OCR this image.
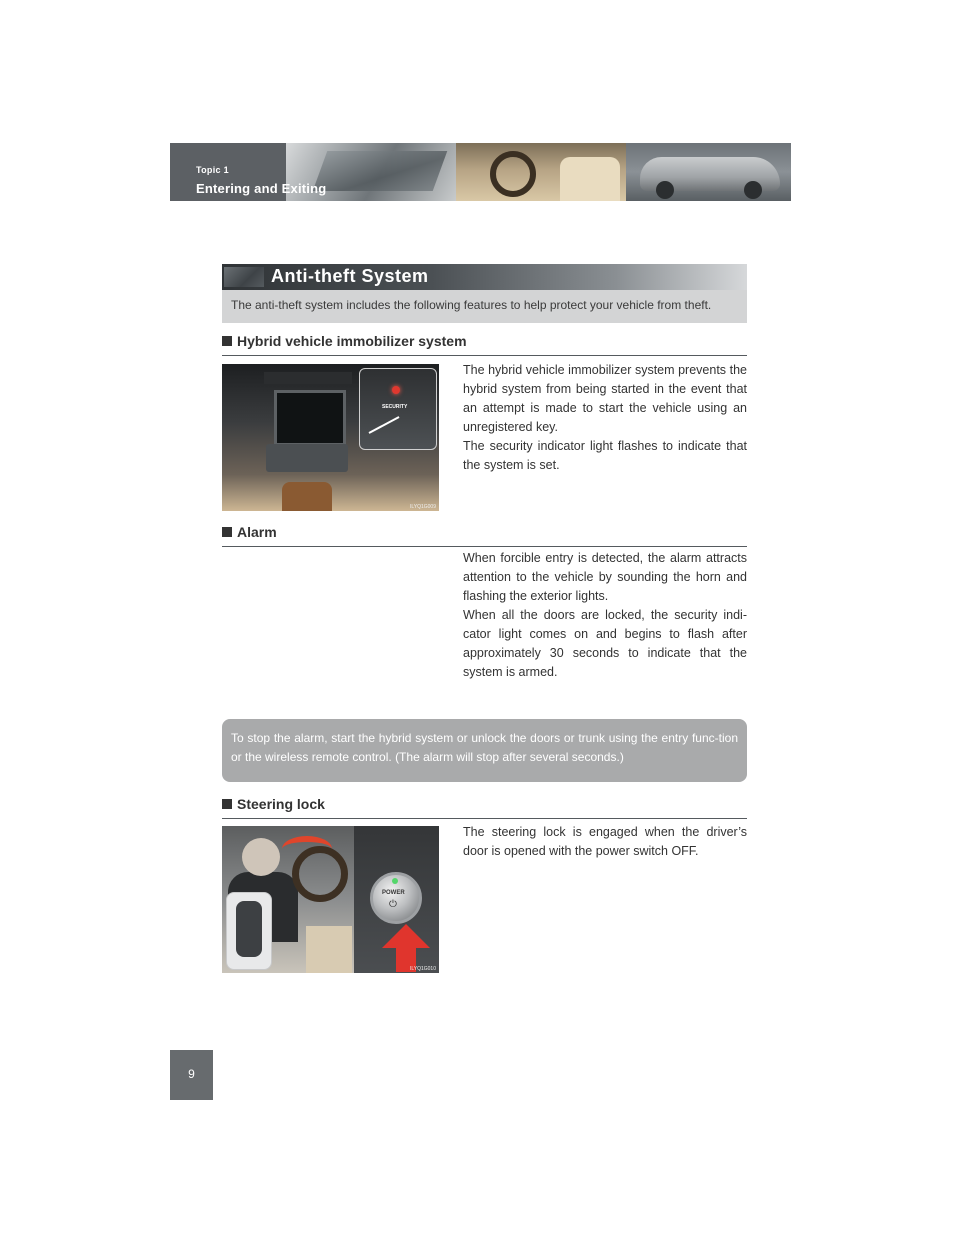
Topic 1
Entering and Exiting
Anti-theft System
The anti-theft system includes the following features to help protect your vehicle from theft.
Hybrid vehicle immobilizer system
SECURITY
ILYQ1G009

The hybrid vehicle immobilizer system prevents the hybrid system from being started in the event that an attempt is made to start the vehicle using an unregistered key.

The security indicator light flashes to indicate that the system is set.

Alarm

When forcible entry is detected, the alarm attracts attention to the vehicle by sounding the horn and flashing the exterior lights.

When all the doors are locked, the security indi-cator light comes on and begins to flash after approximately 30 seconds to indicate that the system is armed.

To stop the alarm, start the hybrid system or unlock the doors or trunk using the entry func-tion or the wireless remote control. (The alarm will stop after several seconds.)

Steering lock
POWER
⏻
ILYQ1G010

The steering lock is engaged when the driver’s door is opened with the power switch OFF.

9
